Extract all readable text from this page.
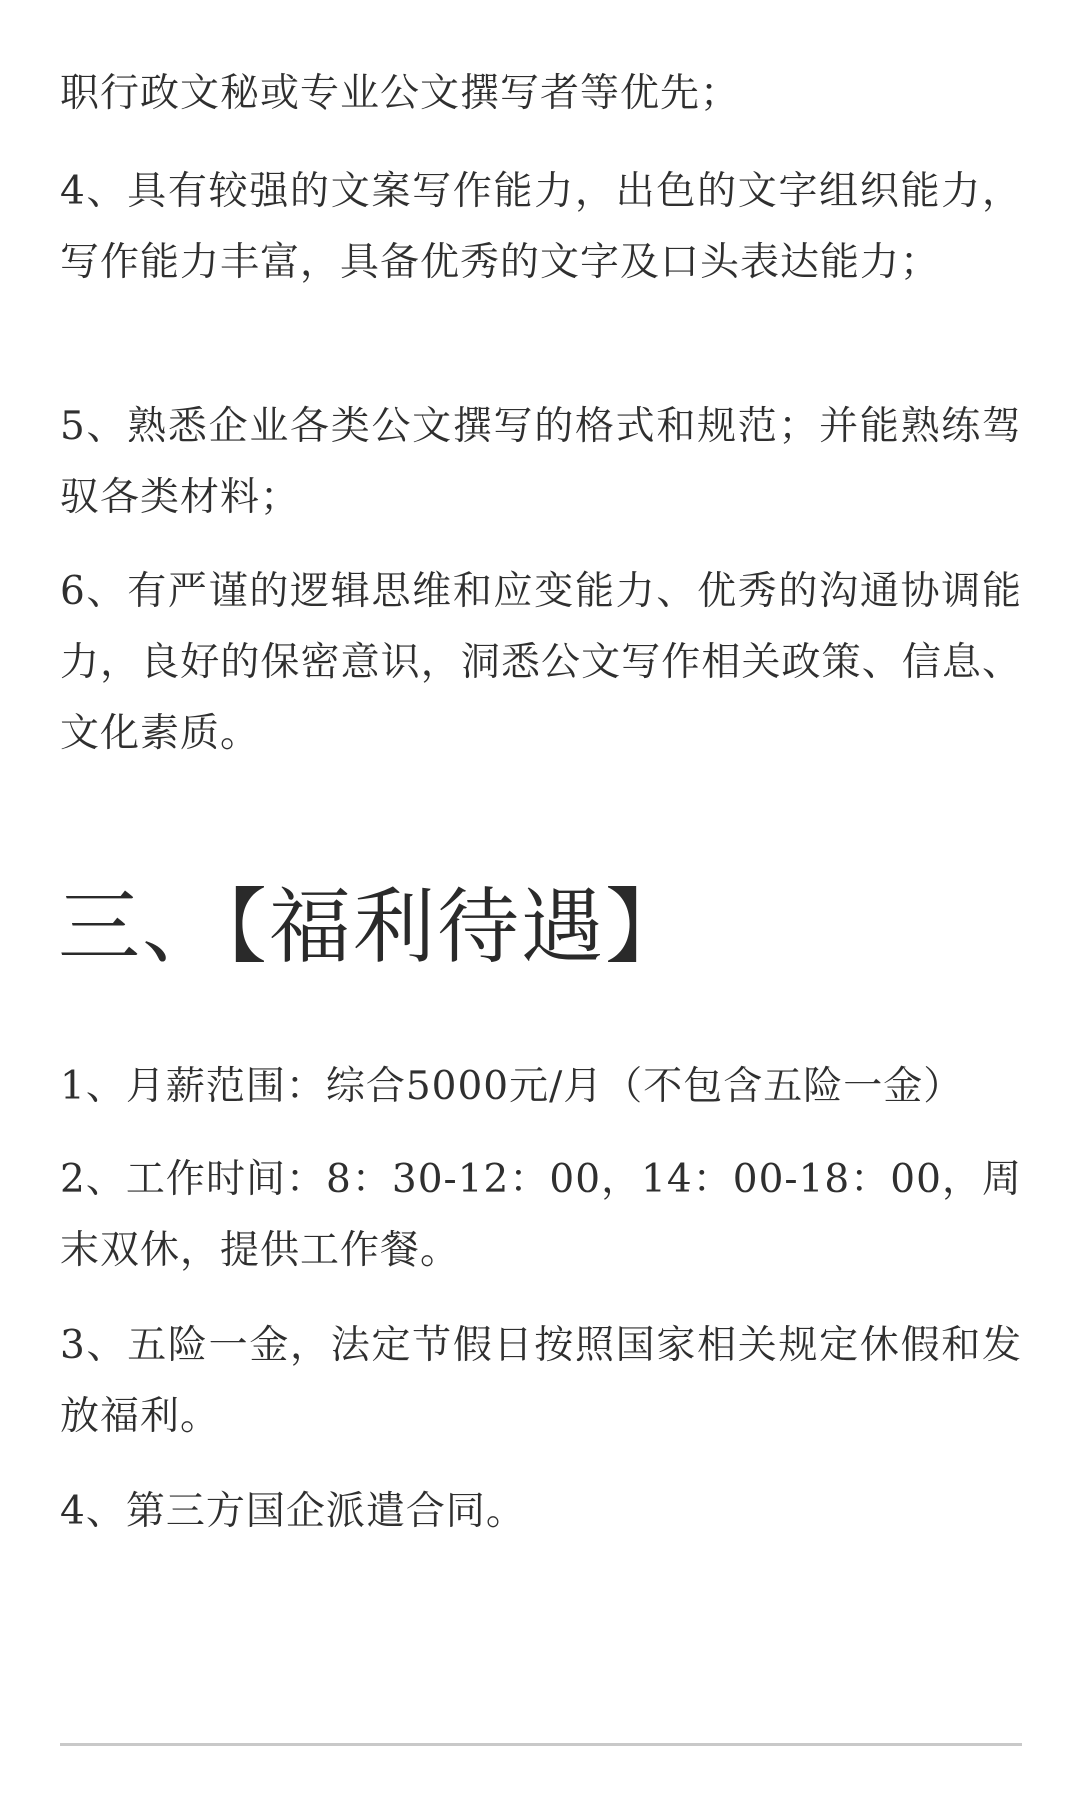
职行政文秘或专业公文撰写者等优先；

4、具有较强的文案写作能力，出色的文字组织能力，写作能力丰富，具备优秀的文字及口头表达能力；

5、熟悉企业各类公文撰写的格式和规范；并能熟练驾驭各类材料；

6、有严谨的逻辑思维和应变能力、优秀的沟通协调能力，良好的保密意识，洞悉公文写作相关政策、信息、文化素质。

三、【福利待遇】

1、月薪范围：综合5000元/月（不包含五险一金）

2、工作时间：8：30-12：00，14：00-18：00，周末双休，提供工作餐。

3、五险一金，法定节假日按照国家相关规定休假和发放福利。

4、第三方国企派遣合同。
